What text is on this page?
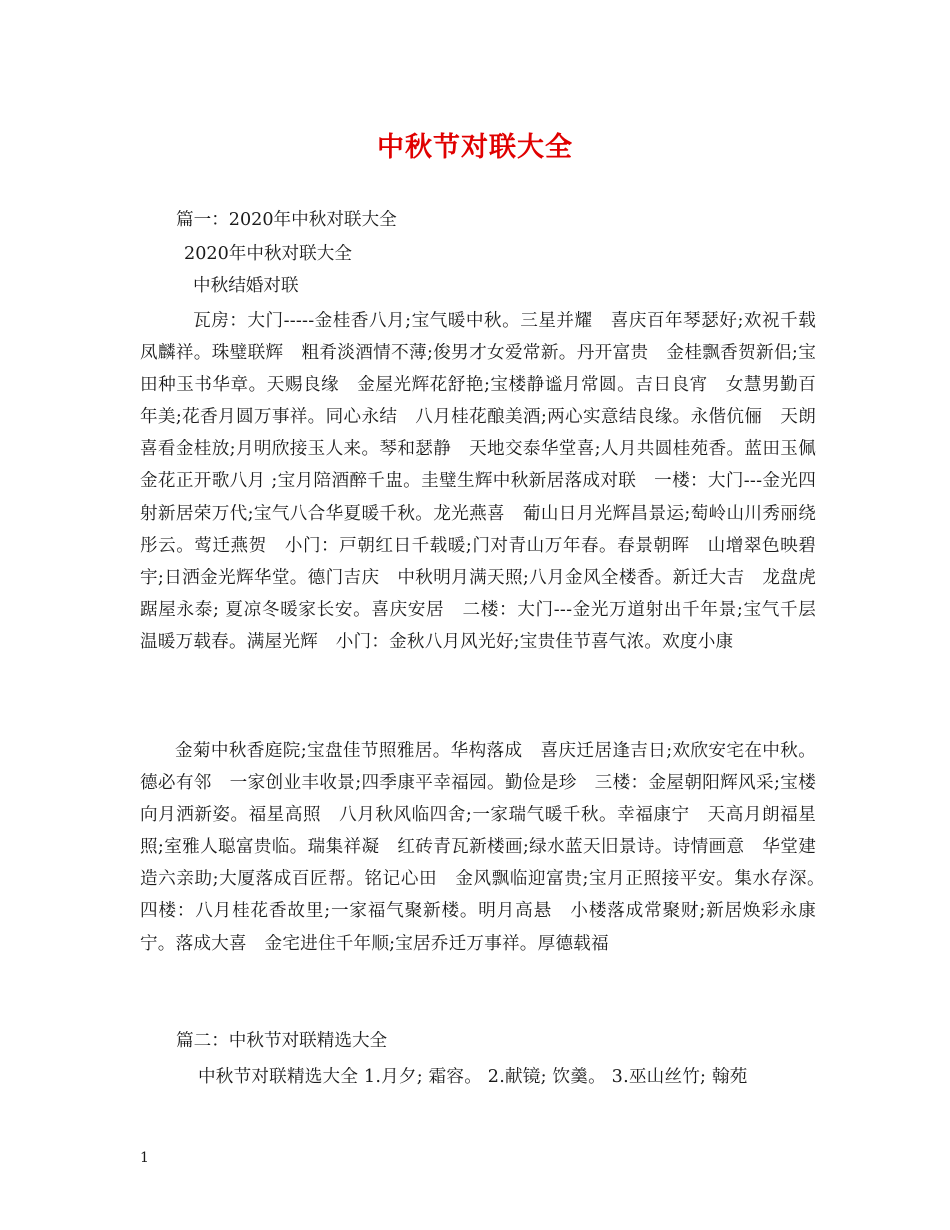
中秋节对联大全

篇一：2020年中秋对联大全

2020年中秋对联大全

中秋结婚对联

　瓦房：大门-----金桂香八月;宝气暖中秋。三星并耀　喜庆百年琴瑟好;欢祝千载凤麟祥。珠璧联辉　粗肴淡酒情不薄;俊男才女爱常新。丹开富贵　金桂飘香贺新侣;宝田种玉书华章。天赐良缘　金屋光辉花舒艳;宝楼静谧月常圆。吉日良宵　女慧男勤百年美;花香月圆万事祥。同心永结　八月桂花酿美酒;两心实意结良缘。永偕伉俪　天朗喜看金桂放;月明欣接玉人来。琴和瑟静　天地交泰华堂喜;人月共圆桂苑香。蓝田玉佩　金花正开歌八月 ;宝月陪酒醉千盅。圭璧生辉中秋新居落成对联　一楼：大门---金光四射新居荣万代;宝气八合华夏暖千秋。龙光燕喜　葡山日月光辉昌景运;萄岭山川秀丽绕彤云。莺迁燕贺　小门：戸朝红日千载暖;门对青山万年春。春景朝晖　山增翠色映碧宇;日洒金光辉华堂。德门吉庆　中秋明月满天照;八月金风全楼香。新迁大吉　龙盘虎踞屋永泰; 夏凉冬暖家长安。喜庆安居　二楼：大门---金光万道射出千年景;宝气千层温暖万载春。满屋光辉　小门：金秋八月风光好;宝贵佳节喜气浓。欢度小康

金菊中秋香庭院;宝盘佳节照雅居。华构落成　喜庆迁居逢吉日;欢欣安宅在中秋。德必有邻　一家创业丰收景;四季康平幸福园。勤俭是珍　三楼：金屋朝阳辉风采;宝楼向月洒新姿。福星高照　八月秋风临四舍;一家瑞气暖千秋。幸福康宁　天高月朗福星照;室雅人聪富贵临。瑞集祥凝　红砖青瓦新楼画;绿水蓝天旧景诗。诗情画意　华堂建造六亲助;大厦落成百匠帮。铭记心田　金风飘临迎富贵;宝月正照接平安。集水存深。　四楼：八月桂花香故里;一家福气聚新楼。明月高悬　小楼落成常聚财;新居焕彩永康宁。落成大喜　金宅进住千年顺;宝居乔迁万事祥。厚德载福

篇二：中秋节对联精选大全

中秋节对联精选大全 1.月夕; 霜容。 2.献镜; 饮羹。 3.巫山丝竹; 翰苑

1
